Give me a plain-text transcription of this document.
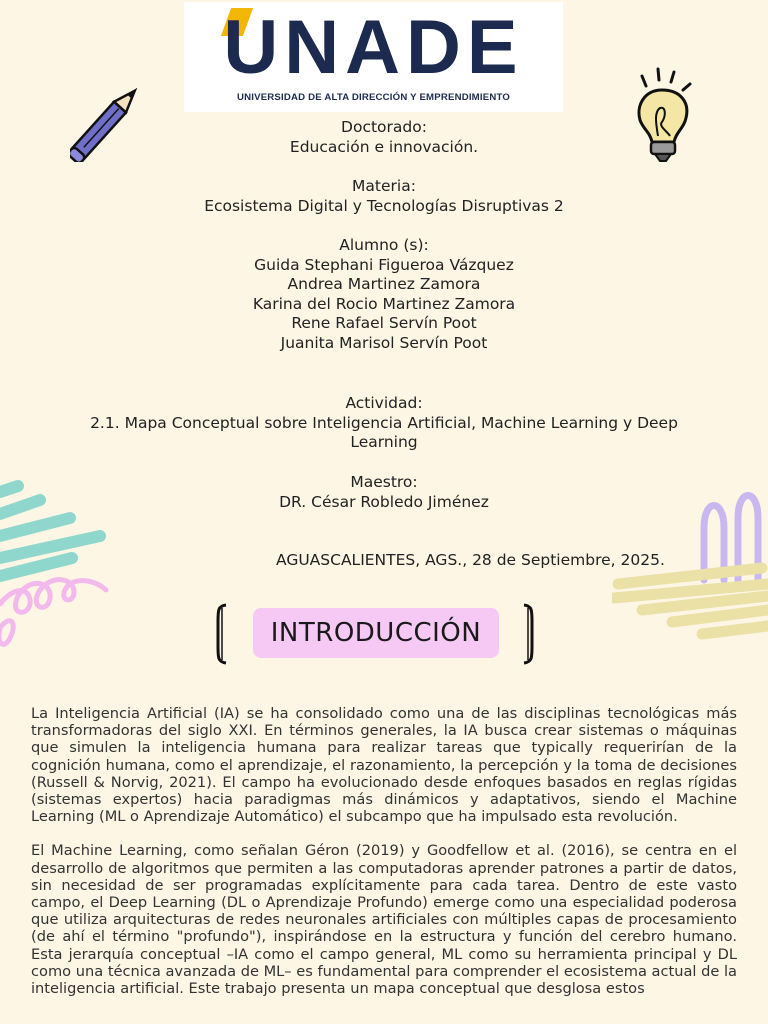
UNADE
UNIVERSIDAD DE ALTA DIRECCIÓN Y EMPRENDIMIENTO

Doctorado:

Educación e innovación.

Materia:

Ecosistema Digital y Tecnologías Disruptivas 2

Alumno (s):

Guida Stephani Figueroa Vázquez

Andrea Martinez Zamora

Karina del Rocio Martinez Zamora

Rene Rafael Servín Poot

Juanita Marisol Servín Poot

Actividad:

2.1. Mapa Conceptual sobre Inteligencia Artificial, Machine Learning y Deep

Learning

Maestro:

DR. César Robledo Jiménez

AGUASCALIENTES, AGS., 28 de Septiembre, 2025.
INTRODUCCIÓN

La Inteligencia Artificial (IA) se ha consolidado como una de las disciplinas tecnológicas más transformadoras del siglo XXI. En términos generales, la IA busca crear sistemas o máquinas que simulen la inteligencia humana para realizar tareas que typically requerirían de la cognición humana, como el aprendizaje, el razonamiento, la percepción y la toma de decisiones (Russell & Norvig, 2021). El campo ha evolucionado desde enfoques basados en reglas rígidas (sistemas expertos) hacia paradigmas más dinámicos y adaptativos, siendo el Machine Learning (ML o Aprendizaje Automático) el subcampo que ha impulsado esta revolución.

El Machine Learning, como señalan Géron (2019) y Goodfellow et al. (2016), se centra en el desarrollo de algoritmos que permiten a las computadoras aprender patrones a partir de datos, sin necesidad de ser programadas explícitamente para cada tarea. Dentro de este vasto campo, el Deep Learning (DL o Aprendizaje Profundo) emerge como una especialidad poderosa que utiliza arquitecturas de redes neuronales artificiales con múltiples capas de procesamiento (de ahí el término "profundo"), inspirándose en la estructura y función del cerebro humano. Esta jerarquía conceptual –IA como el campo general, ML como su herramienta principal y DL como una técnica avanzada de ML– es fundamental para comprender el ecosistema actual de la inteligencia artificial. Este trabajo presenta un mapa conceptual que desglosa estos
